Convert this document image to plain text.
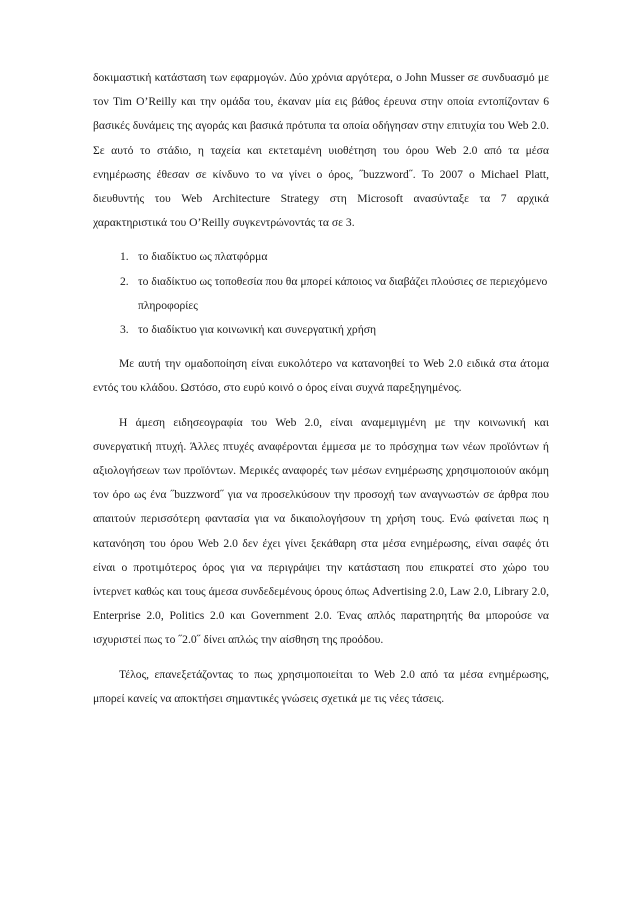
δοκιμαστική κατάσταση των εφαρμογών. Δύο χρόνια αργότερα, ο John Musser σε συνδυασμό με τον Tim O’Reilly και την ομάδα του, έκαναν μία εις βάθος έρευνα στην οποία εντοπίζονταν 6 βασικές δυνάμεις της αγοράς και βασικά πρότυπα τα οποία οδήγησαν στην επιτυχία του Web 2.0. Σε αυτό το στάδιο, η ταχεία και εκτεταμένη υιοθέτηση του όρου Web 2.0 από τα μέσα ενημέρωσης έθεσαν σε κίνδυνο το να γίνει ο όρος, ˝buzzword˝. Το 2007 ο Michael Platt, διευθυντής του Web Architecture Strategy στη Microsoft ανασύνταξε τα 7 αρχικά χαρακτηριστικά του O’Reilly συγκεντρώνοντάς τα σε 3.

1. το διαδίκτυο ως πλατφόρμα
2. το διαδίκτυο ως τοποθεσία που θα μπορεί κάποιος να διαβάζει πλούσιες σε περιεχόμενο πληροφορίες
3. το διαδίκτυο για κοινωνική και συνεργατική χρήση

Με αυτή την ομαδοποίηση είναι ευκολότερο να κατανοηθεί το Web 2.0 ειδικά στα άτομα εντός του κλάδου. Ωστόσο, στο ευρύ κοινό ο όρος είναι συχνά παρεξηγημένος.

Η άμεση ειδησεογραφία του Web 2.0, είναι αναμεμιγμένη με την κοινωνική και συνεργατική πτυχή. Άλλες πτυχές αναφέρονται έμμεσα με το πρόσχημα των νέων προϊόντων ή αξιολογήσεων των προϊόντων. Μερικές αναφορές των μέσων ενημέρωσης χρησιμοποιούν ακόμη τον όρο ως ένα ˝buzzword˝ για να προσελκύσουν την προσοχή των αναγνωστών σε άρθρα που απαιτούν περισσότερη φαντασία για να δικαιολογήσουν τη χρήση τους. Ενώ φαίνεται πως η κατανόηση του όρου Web 2.0 δεν έχει γίνει ξεκάθαρη στα μέσα ενημέρωσης, είναι σαφές ότι είναι ο προτιμότερος όρος για να περιγράψει την κατάσταση που επικρατεί στο χώρο του ίντερνετ καθώς και τους άμεσα συνδεδεμένους όρους όπως Advertising 2.0, Law 2.0, Library 2.0, Enterprise 2.0, Politics 2.0 και Government 2.0. Ένας απλός παρατηρητής θα μπορούσε να ισχυριστεί πως το ˝2.0˝ δίνει απλώς την αίσθηση της προόδου.

Τέλος, επανεξετάζοντας το πως χρησιμοποιείται το Web 2.0 από τα μέσα ενημέρωσης, μπορεί κανείς να αποκτήσει σημαντικές γνώσεις σχετικά με τις νέες τάσεις.
